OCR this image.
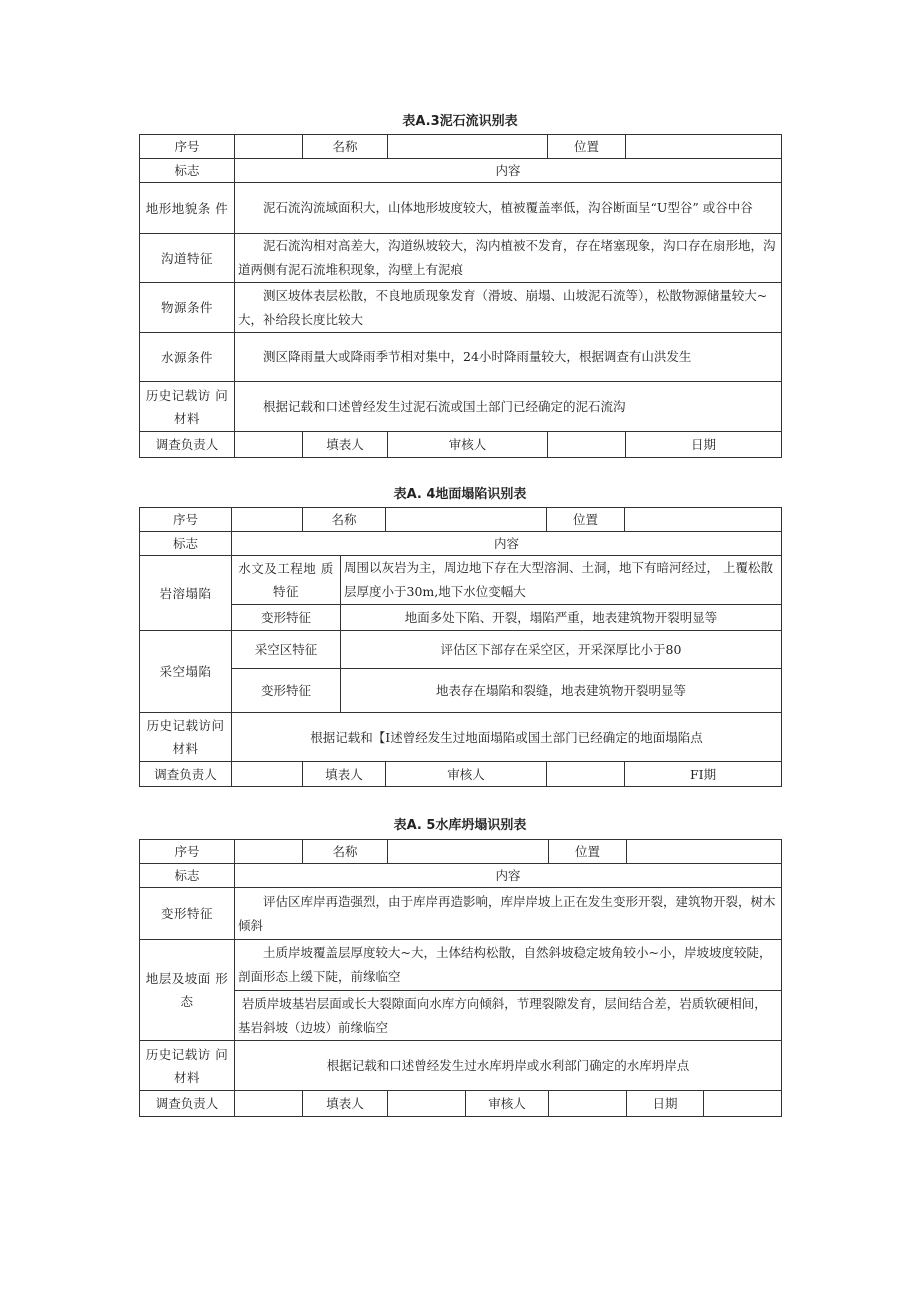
表A.3泥石流识别表
序号		名称		位置	
标志	内容				
地形地貌条 件	泥石流沟流域面积大，山体地形坡度较大，植被覆盖率低，沟谷断面呈“U型谷” 或谷中谷				
沟道特征	泥石流沟相对高差大，沟道纵坡较大，沟内植被不发育，存在堵塞现象，沟口存在扇形地，沟道两侧有泥石流堆积现象，沟壁上有泥痕				
物源条件	测区坡体表层松散，不良地质现象发育（滑坡、崩塌、山坡泥石流等），松散物源储量较大~大，补给段长度比较大				
水源条件	测区降雨量大或降雨季节相对集中，24小时降雨量较大，根据调查有山洪发生				
历史记载访 问材料	根据记载和口述曾经发生过泥石流或国土部门已经确定的泥石流沟				
调查负责人		填表人	审核人		日期
表A. 4地面塌陷识别表
序号		名称			位置	
标志	内容					
岩溶塌陷	水文及工程地 质特征		周围以灰岩为主，周边地下存在大型溶洞、土洞，地下有暗河经过， 上覆松散层厚度小于30m,地下水位变幅大			
	变形特征		地面多处下陷、开裂，塌陷严重，地表建筑物开裂明显等			
采空塌陷	采空区特征		评估区下部存在采空区，开采深厚比小于80			
	变形特征		地表存在塌陷和裂缝，地表建筑物开裂明显等			
历史记载访问材料	根据记载和【I述曾经发生过地面塌陷或国土部门已经确定的地面塌陷点					
调查负责人		填表人		审核人		FI期
表A. 5水库坍塌识别表
序号		名称			位置		
标志	内容						
变形特征	评估区库岸再造强烈，由于库岸再造影响，库岸岸坡上正在发生变形开裂，建筑物开裂，树木倾斜						
地层及坡面 形态	土质岸坡覆盖层厚度较大~大，土体结构松散，自然斜坡稳定坡角较小~小，岸坡坡度较陡，剖面形态上缓下陡，前缘临空						
	岩质岸坡基岩层面或长大裂隙面向水库方向倾斜，节理裂隙发育，层间结合差，岩质软硬相间，基岩斜坡（边坡）前缘临空						
历史记载访 问材料	根据记载和口述曾经发生过水库坍岸或水利部门确定的水库坍岸点						
调查负责人		填表人		审核人		日期	
